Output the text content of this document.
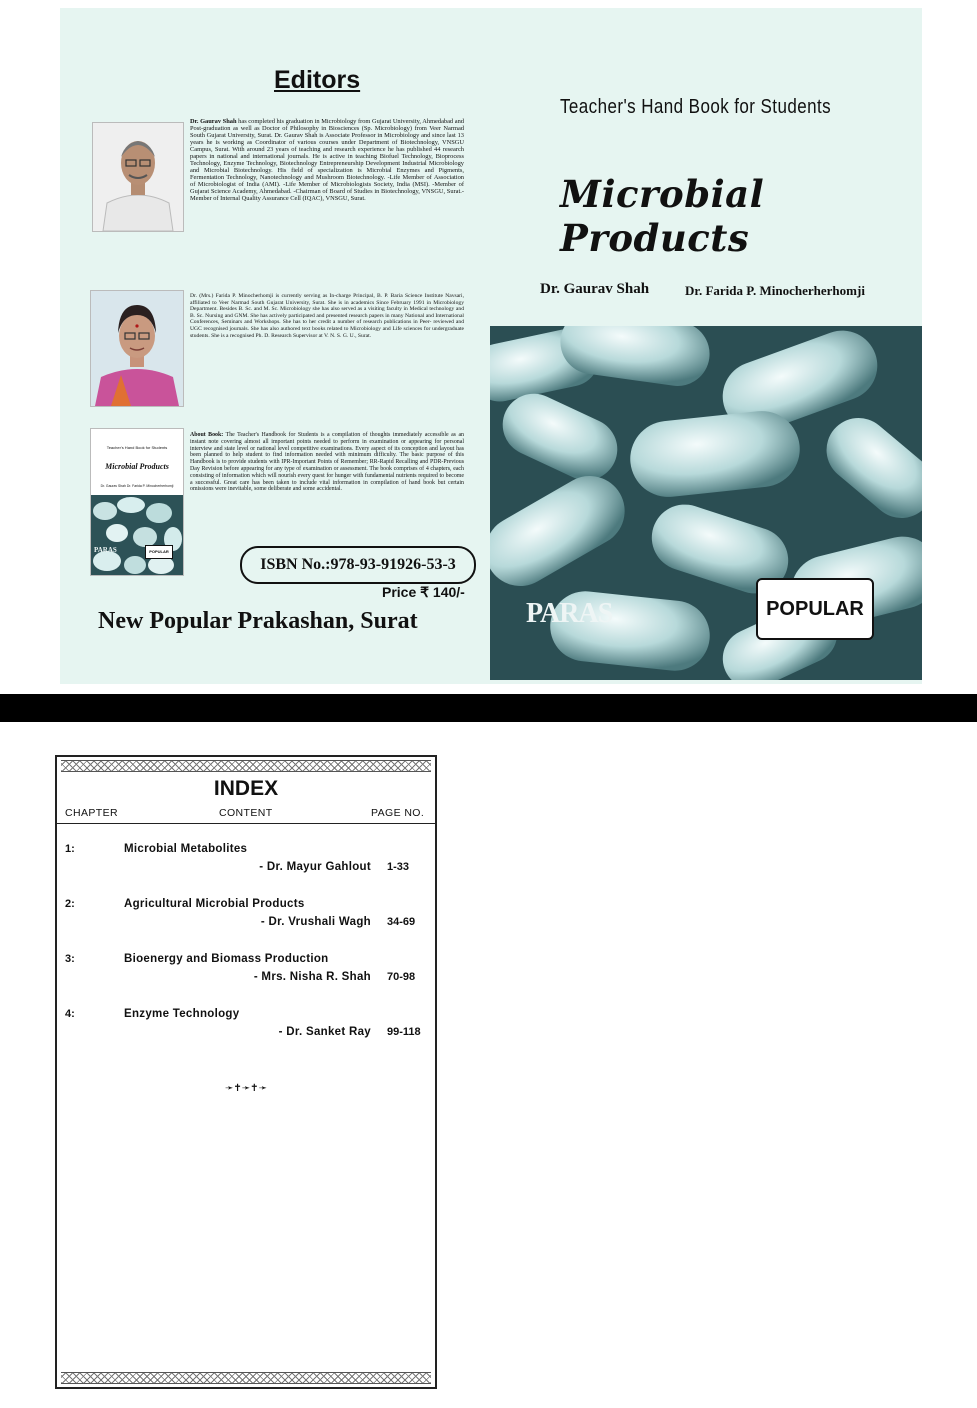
Editors
Dr. Gaurav Shah has completed his graduation in Microbiology from Gujarat University, Ahmedabad and Post-graduation as well as Doctor of Philosophy in Biosciences (Sp. Microbiology) from Veer Narmad South Gujarat University, Surat. Dr. Gaurav Shah is Associate Professor in Microbiology and since last 13 years he is working as Coordinator of various courses under Department of Biotechnology, VNSGU Campus, Surat. With around 23 years of teaching and research experience he has published 44 research papers in national and international journals. He is active in teaching Biofuel Technology, Bioprocess Technology, Enzyme Technology, Biotechnology Entrepreneurship Development Industrial Microbiology and Microbial Biotechnology. His field of specialization is Microbial Enzymes and Pigments, Fermentation Technology, Nanotechnology and Mushroom Biotechnology. -Life Member of Association of Microbiologist of India (AMI). -Life Member of Microbiologists Society, India (MSI). -Member of Gujarat Science Academy, Ahmedabad. -Chairman of Board of Studies in Biotechnology, VNSGU, Surat.-Member of Internal Quality Assurance Cell (IQAC), VNSGU, Surat.
Dr. (Mrs.) Farida P. Minocherhomji is currently serving as In-charge Principal, B. P. Baria Science Institute Navsari, affiliated to Veer Narmad South Gujarat University, Surat. She is in academics Since February 1991 in Microbiology Department. Besides B. Sc. and M. Sc. Microbiology she has also served as a visiting faculty in Medical technology and B. Sc. Nursing and GNM. She has actively participated and presented research papers in many National and International Conferences, Seminars and Workshops. She has to her credit a number of research publications in Peer- reviewed and UGC recognised journals. She has also authored text books related to Microbiology and Life sciences for undergraduate students. She is a recognised Ph. D. Research Supervisor at V. N. S. G. U., Surat.
Teacher's Hand Book for Students
Microbial Products
Dr. Gaurav Shah Dr. Farida P. Minocherherhomji
PARAS	POPULAR
About Book: The Teacher's Handbook for Students is a compilation of thoughts immediately accessible as an instant note covering almost all important points needed to perform in examination or appearing for personal interview and state level or national level competitive examinations. Every aspect of its conception and layout has been planned to help student to find information needed with minimum difficulty. The basic purpose of this Handbook is to provide students with IPR-Important Points of Remember; RR-Rapid Recalling and PDR-Previous Day Revision before appearing for any type of examination or assessment. The book comprises of 4 chapters, each consisting of information which will nourish every quest for hunger with fundamental nutrients required to become a successful. Great care has been taken to include vital information in compilation of hand book but certain omissions were inevitable, some deliberate and some accidental.
ISBN No.:978-93-91926-53-3
Price ₹ 140/-
New Popular Prakashan, Surat
Teacher's Hand Book for Students
Microbial Products
Dr. Gaurav Shah	Dr. Farida P. Minocherherhomji
PARAS	POPULAR
INDEX
CHAPTER	CONTENT	PAGE NO.
1:	Microbial Metabolites
- Dr. Mayur Gahlout 1-33
2:	Agricultural Microbial Products
- Dr. Vrushali Wagh 34-69
3:	Bioenergy and Biomass Production
- Mrs. Nisha R. Shah 70-98
4:	Enzyme Technology
- Dr. Sanket Ray 99-118
➛✝➛✝➛
